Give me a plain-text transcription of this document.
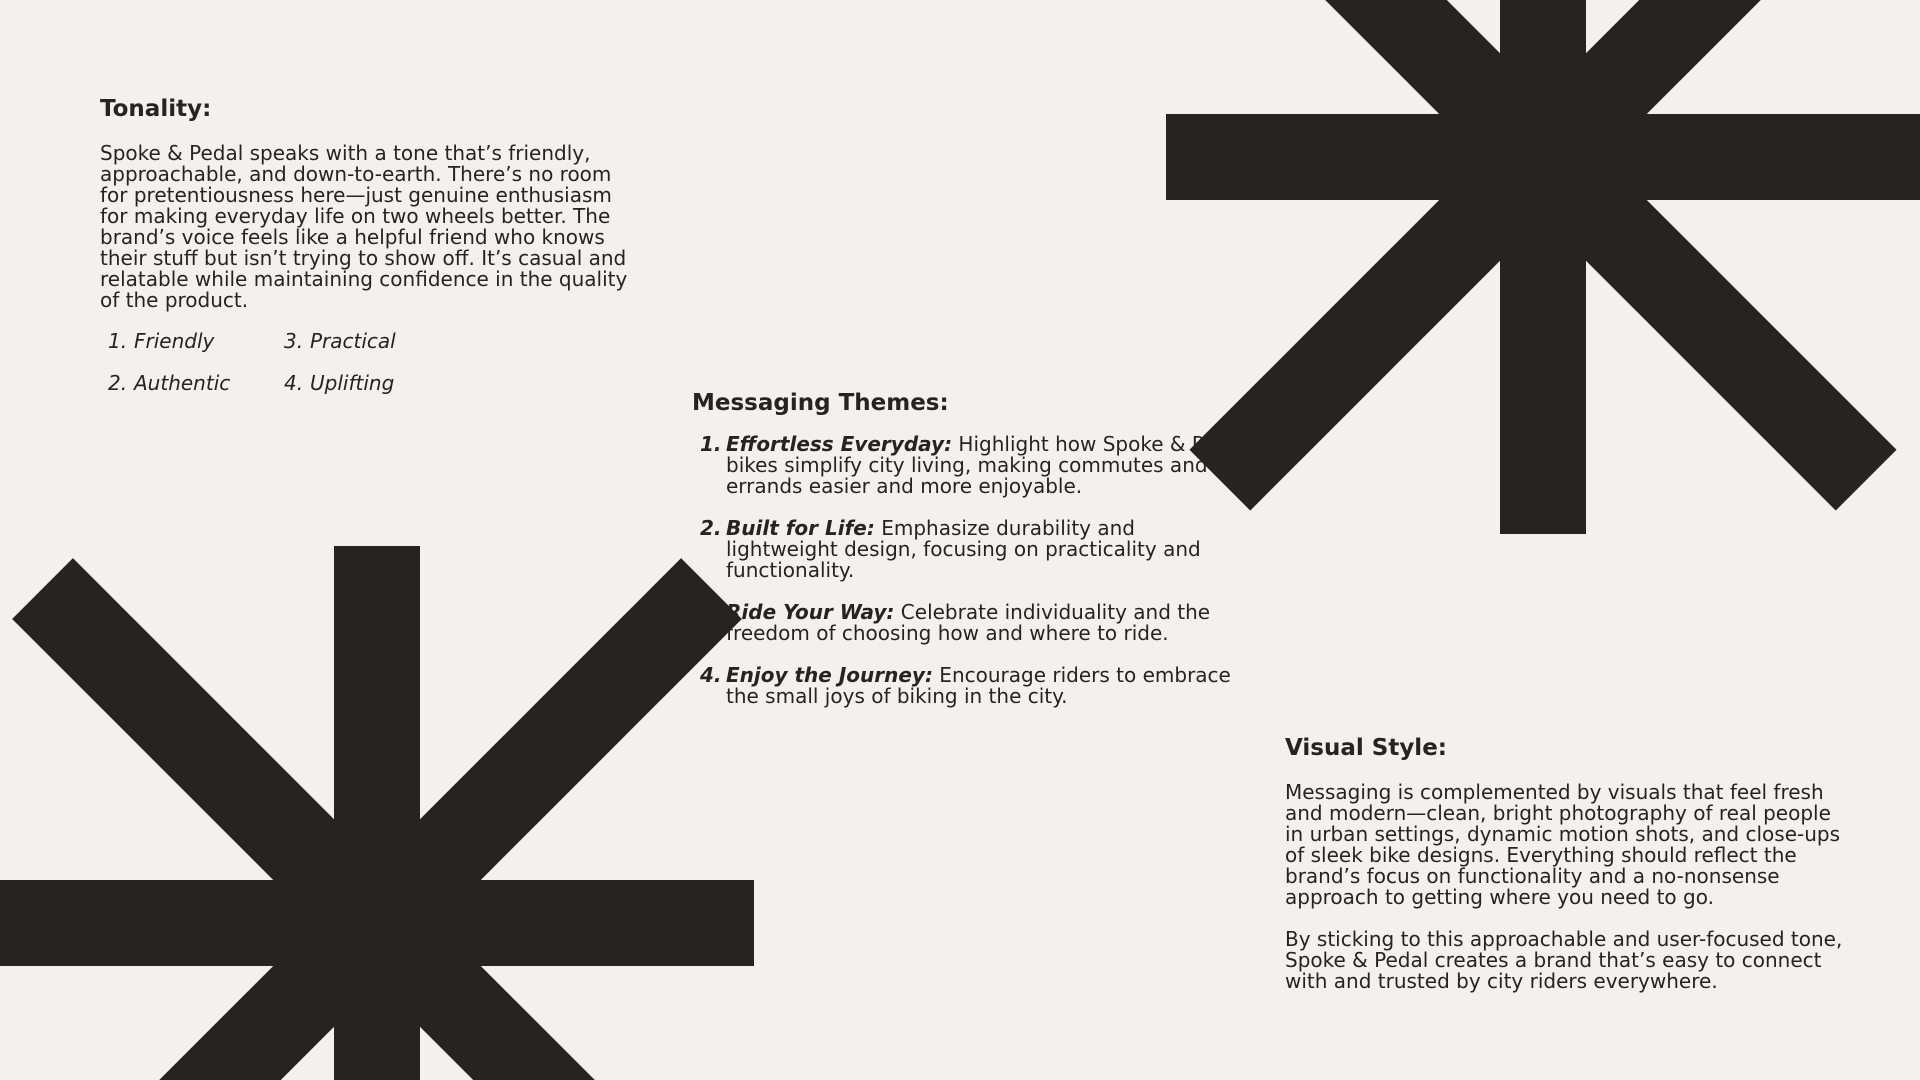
Tonality:

Spoke & Pedal speaks with a tone that’s friendly, approachable, and down-to-earth. There’s no room for pretentiousness here—just genuine enthusiasm for making everyday life on two wheels better. The brand’s voice feels like a helpful friend who knows their stuff but isn’t trying to show off. It’s casual and relatable while maintaining confidence in the quality of the product.

1. Friendly	3. Practical
2. Authentic	4. Uplifting
Messaging Themes:
1. Effortless Everyday: Highlight how Spoke & Pedal bikes simplify city living, making commutes and errands easier and more enjoyable.
2. Built for Life: Emphasize durability and lightweight design, focusing on practicality and functionality.
3. Ride Your Way: Celebrate individuality and the freedom of choosing how and where to ride.
4. Enjoy the Journey: Encourage riders to embrace the small joys of biking in the city.
Visual Style:

Messaging is complemented by visuals that feel fresh and modern—clean, bright photography of real people in urban settings, dynamic motion shots, and close-ups of sleek bike designs. Everything should reflect the brand’s focus on functionality and a no-nonsense approach to getting where you need to go.

By sticking to this approachable and user-focused tone, Spoke & Pedal creates a brand that’s easy to connect with and trusted by city riders everywhere.
